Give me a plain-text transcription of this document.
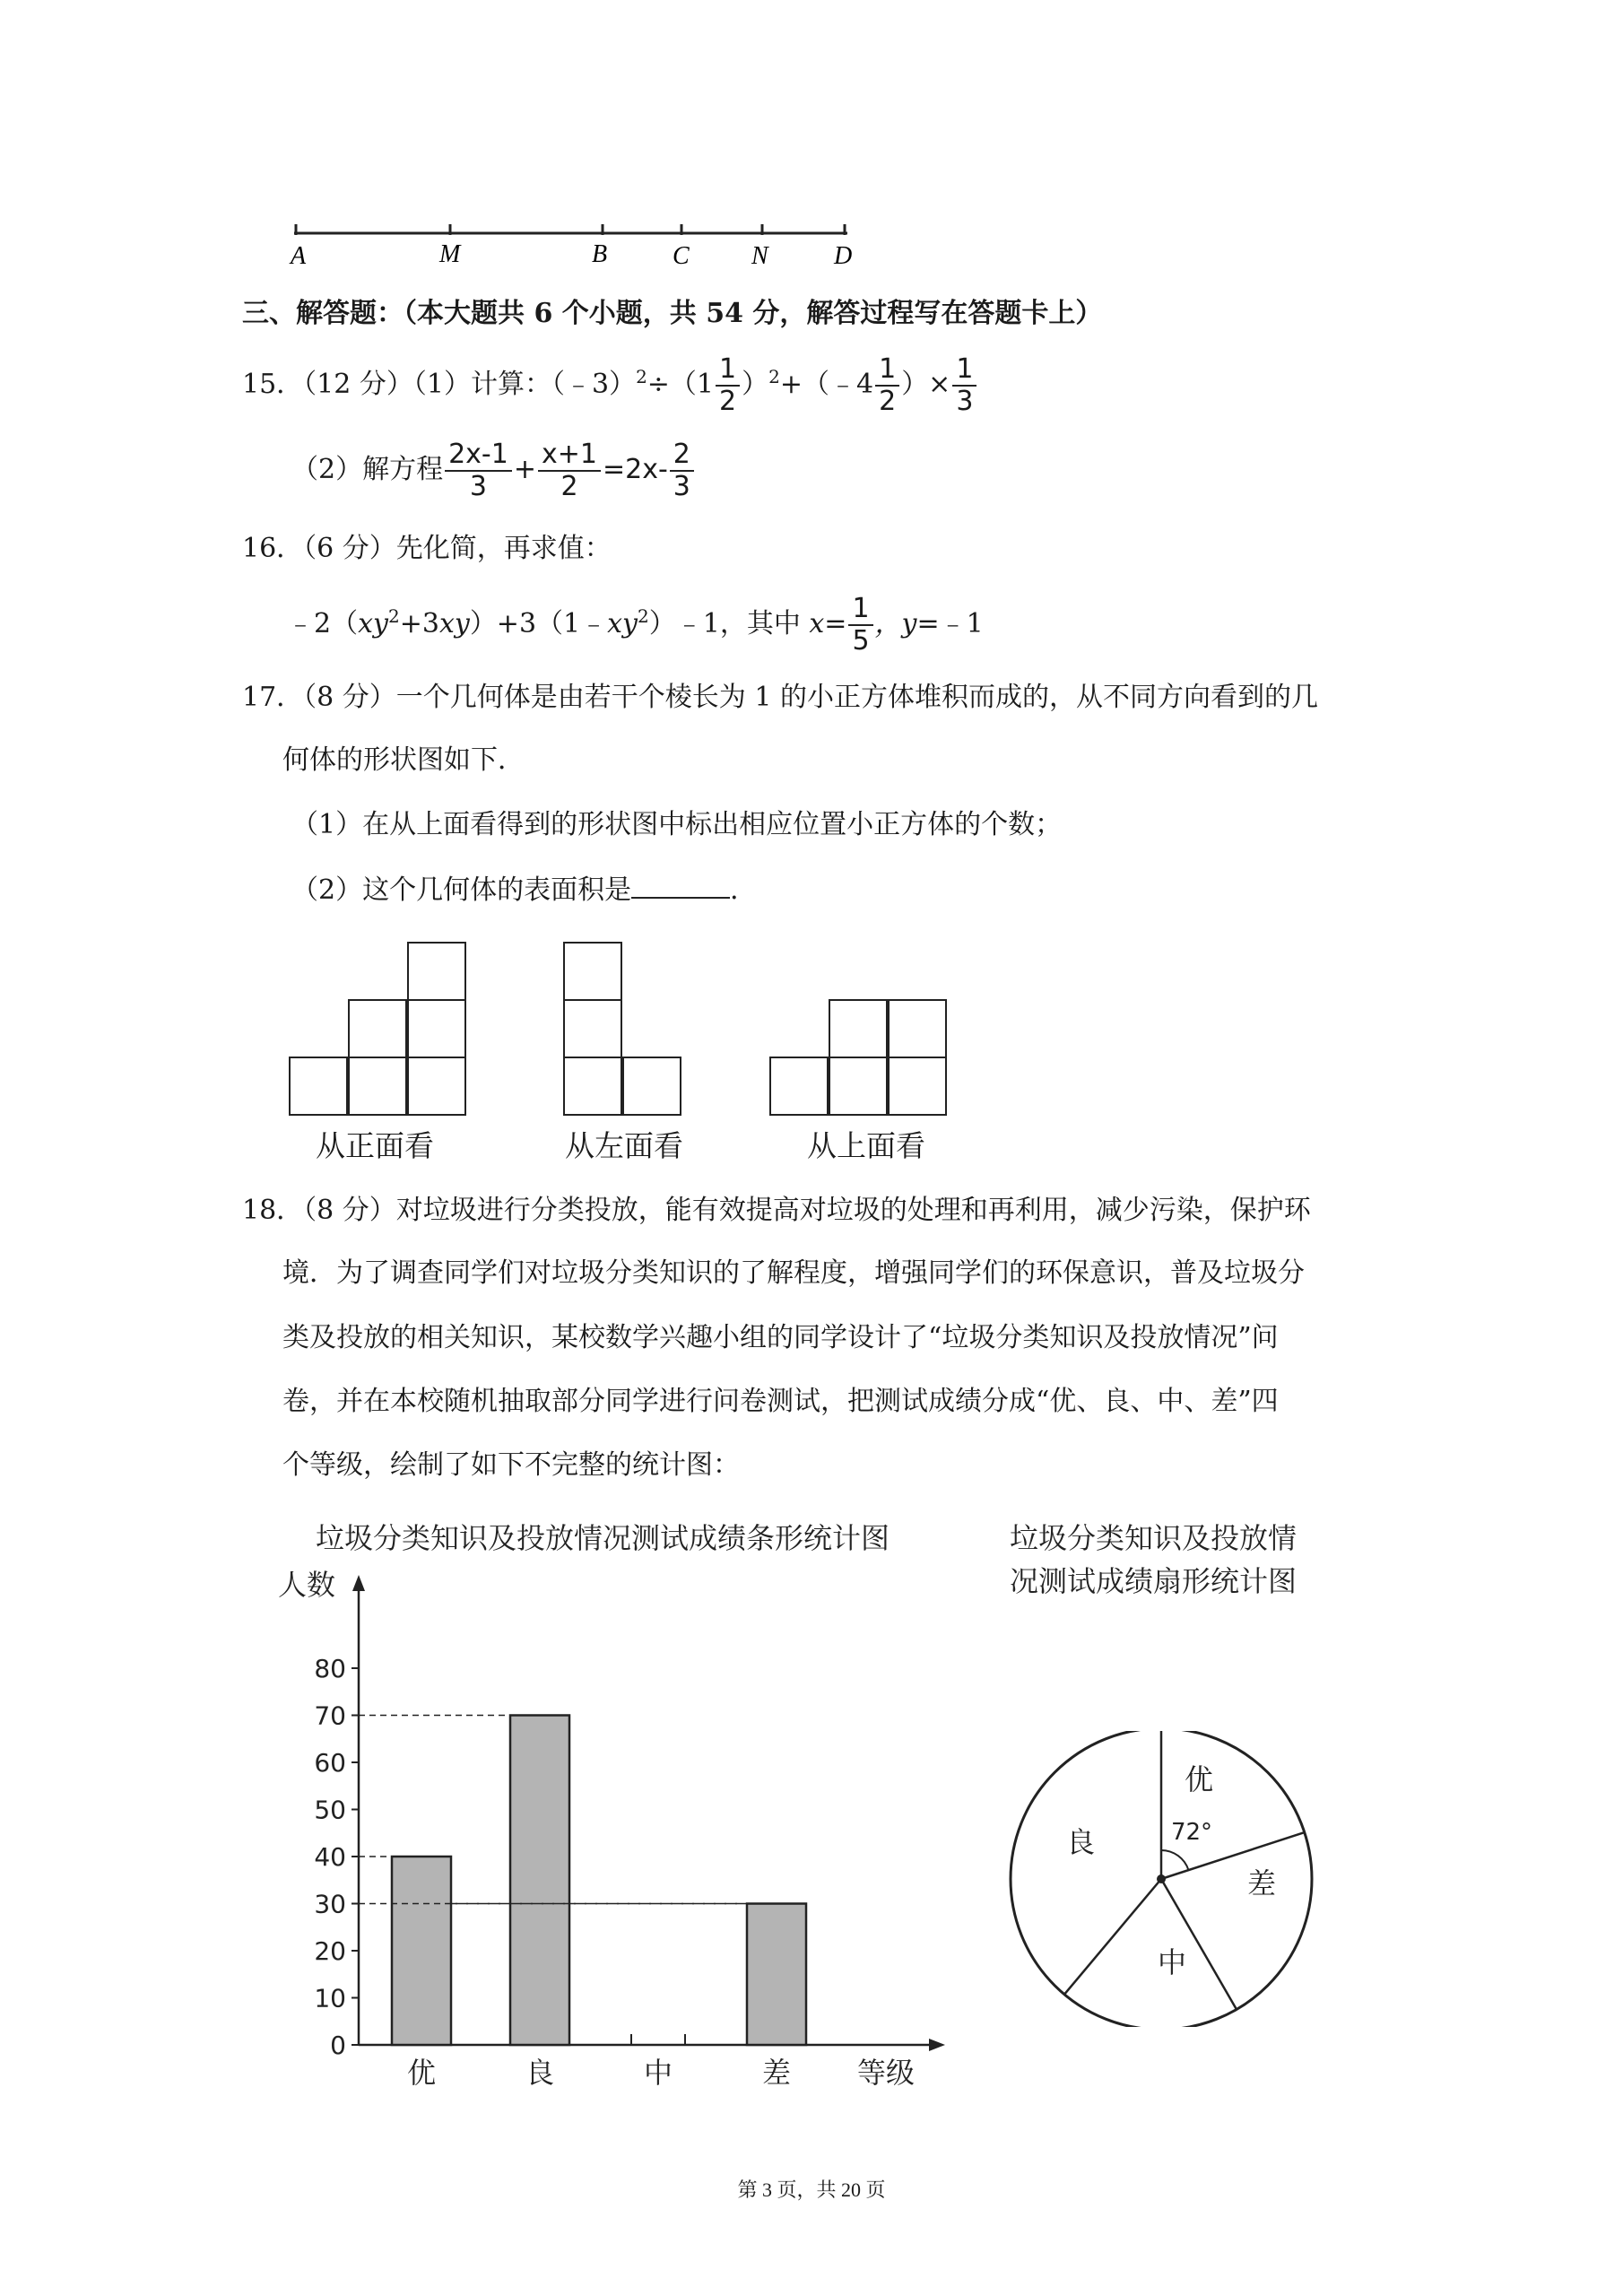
A	M	B	C N	D
三、解答题：（本大题共 6 个小题，共 54 分，解答过程写在答题卡上）
15．（12 分）（1）计算：（﹣3）$^2$÷（1 $\frac{1}{2}$ ）$^2$+（﹣4 $\frac{1}{2}$ ）× $\frac{1}{3}$
（2）解方程 $\frac{2x-1}{3} + \frac{x+1}{2} =2x- \frac{2}{3}$
16．（6 分）先化简，再求值：
$﹣2(xy^2+3xy)+3(1﹣xy^2)﹣1$，其中 $x= \frac{1}{5}$ ，y=﹣1
17．（8 分）一个几何体是由若干个棱长为 1 的小正方体堆积而成的，从不同方向看到的几
何体的形状图如下．
（1）在从上面看得到的形状图中标出相应位置小正方体的个数；
（2）这个几何体的表面积是	．
从正面看	从左面看	从上面看
18．（8 分）对垃圾进行分类投放，能有效提高对垃圾的处理和再利用，减少污染，保护环
境．为了调查同学们对垃圾分类知识的了解程度，增强同学们的环保意识，普及垃圾分
类及投放的相关知识，某校数学兴趣小组的同学设计了“垃圾分类知识及投放情况”问
卷，并在本校随机抽取部分同学进行问卷测试，把测试成绩分成“优、良、中、差”四
个等级，绘制了如下不完整的统计图：
垃圾分类知识及投放情况测试成绩条形统计图
人数
0
10
20
30
40
50
60
70
80
优	良	中	差 等级
垃圾分类知识及投放情
况测试成绩扇形统计图
优
72°
差
中
良
第 3 页，共 20 页
